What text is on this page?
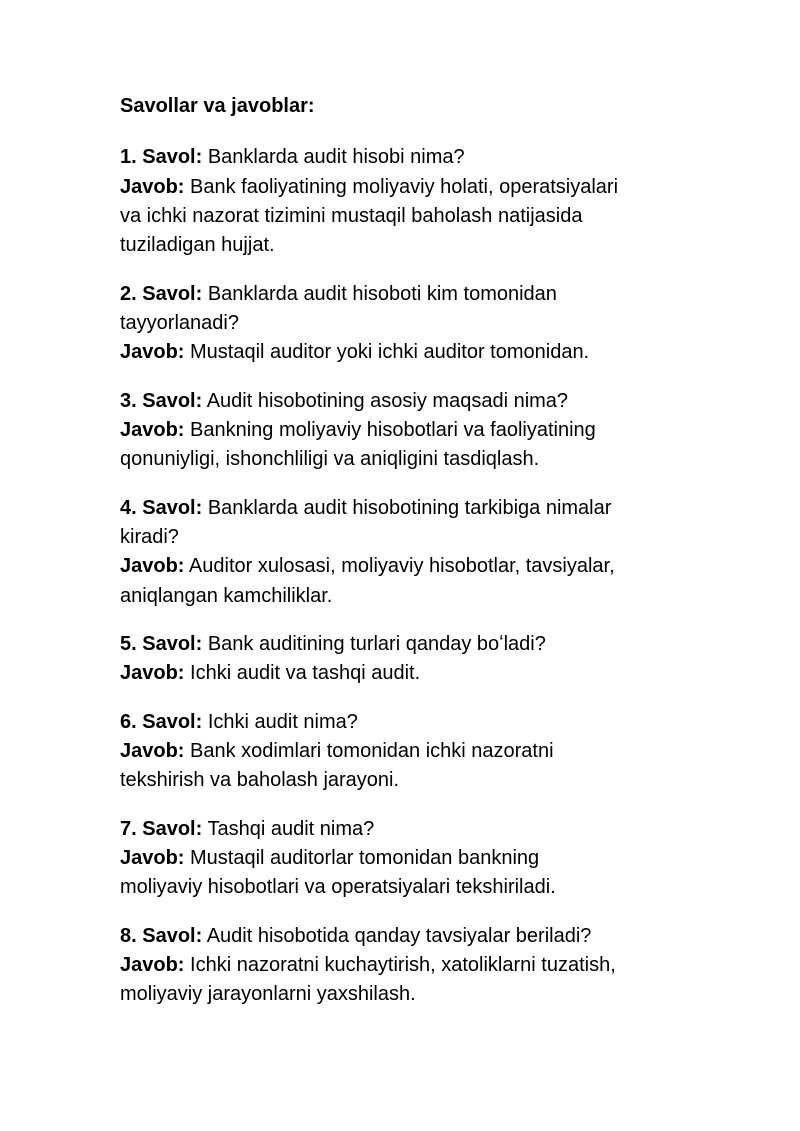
Savollar va javoblar:

1. Savol: Banklarda audit hisobi nima?
Javob: Bank faoliyatining moliyaviy holati, operatsiyalari
va ichki nazorat tizimini mustaqil baholash natijasida
tuziladigan hujjat.

2. Savol: Banklarda audit hisoboti kim tomonidan
tayyorlanadi?
Javob: Mustaqil auditor yoki ichki auditor tomonidan.

3. Savol: Audit hisobotining asosiy maqsadi nima?
Javob: Bankning moliyaviy hisobotlari va faoliyatining
qonuniyligi, ishonchliligi va aniqligini tasdiqlash.

4. Savol: Banklarda audit hisobotining tarkibiga nimalar
kiradi?
Javob: Auditor xulosasi, moliyaviy hisobotlar, tavsiyalar,
aniqlangan kamchiliklar.

5. Savol: Bank auditining turlari qanday boʻladi?
Javob: Ichki audit va tashqi audit.

6. Savol: Ichki audit nima?
Javob: Bank xodimlari tomonidan ichki nazoratni
tekshirish va baholash jarayoni.

7. Savol: Tashqi audit nima?
Javob: Mustaqil auditorlar tomonidan bankning
moliyaviy hisobotlari va operatsiyalari tekshiriladi.

8. Savol: Audit hisobotida qanday tavsiyalar beriladi?
Javob: Ichki nazoratni kuchaytirish, xatoliklarni tuzatish,
moliyaviy jarayonlarni yaxshilash.
